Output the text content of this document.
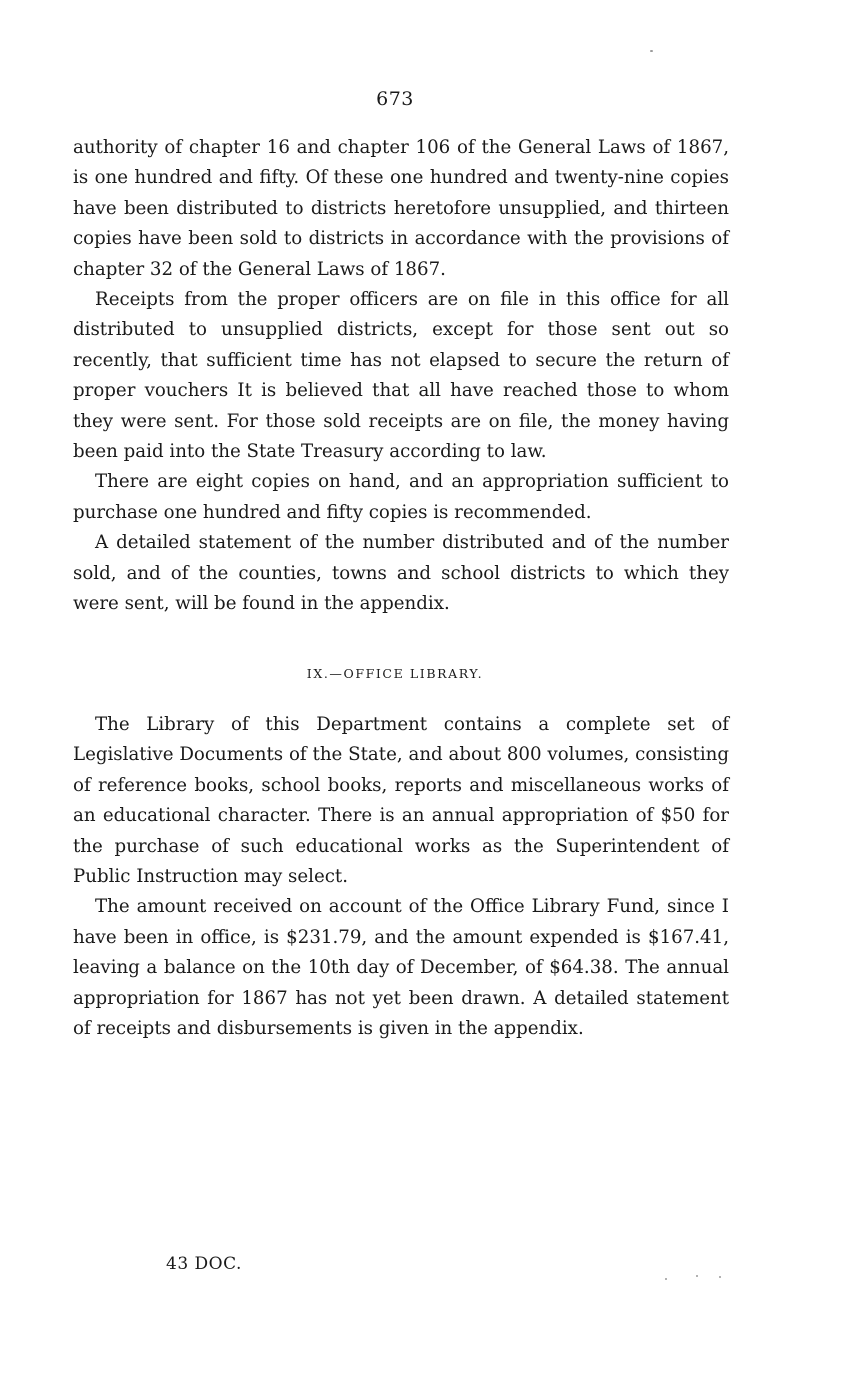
673

authority of chapter 16 and chapter 106 of the General Laws of 1867, is one hundred and fifty. Of these one hundred and twenty-nine copies have been distributed to districts heretofore unsupplied, and thirteen copies have been sold to districts in accordance with the provisions of chapter 32 of the General Laws of 1867.

Receipts from the proper officers are on file in this office for all distributed to unsupplied districts, except for those sent out so recently, that sufficient time has not elapsed to secure the return of proper vouchers It is believed that all have reached those to whom they were sent. For those sold receipts are on file, the money having been paid into the State Treasury according to law.

There are eight copies on hand, and an appropriation sufficient to purchase one hundred and fifty copies is recommended.

A detailed statement of the number distributed and of the number sold, and of the counties, towns and school districts to which they were sent, will be found in the appendix.

IX.—OFFICE LIBRARY.

The Library of this Department contains a complete set of Legislative Documents of the State, and about 800 volumes, consisting of reference books, school books, reports and miscellaneous works of an educational character. There is an annual appropriation of $50 for the purchase of such educational works as the Superintendent of Public Instruction may select.

The amount received on account of the Office Library Fund, since I have been in office, is $231.79, and the amount expended is $167.41, leaving a balance on the 10th day of December, of $64.38. The annual appropriation for 1867 has not yet been drawn. A detailed statement of receipts and disbursements is given in the appendix.

43 DOC.
